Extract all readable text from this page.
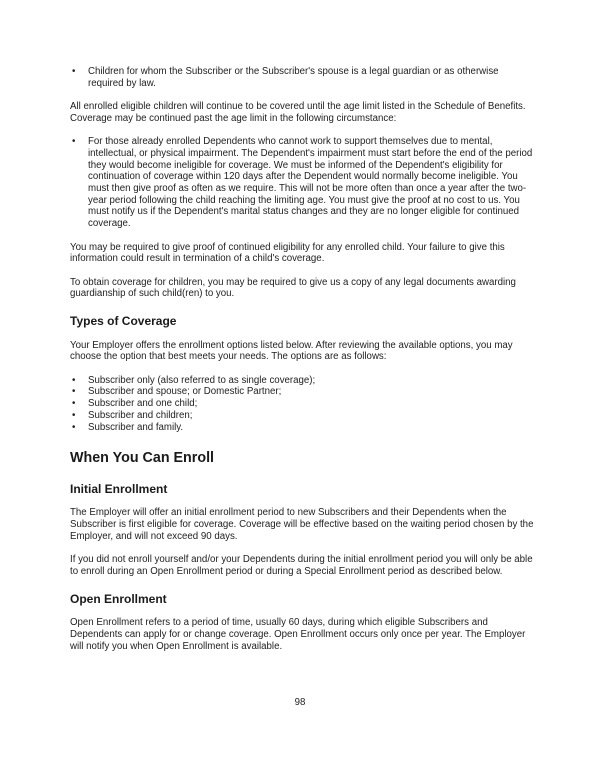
• Children for whom the Subscriber or the Subscriber's spouse is a legal guardian or as otherwise required by law.

All enrolled eligible children will continue to be covered until the age limit listed in the Schedule of Benefits. Coverage may be continued past the age limit in the following circumstance:

• For those already enrolled Dependents who cannot work to support themselves due to mental, intellectual, or physical impairment. The Dependent's impairment must start before the end of the period they would become ineligible for coverage. We must be informed of the Dependent's eligibility for continuation of coverage within 120 days after the Dependent would normally become ineligible. You must then give proof as often as we require. This will not be more often than once a year after the two-year period following the child reaching the limiting age. You must give the proof at no cost to us. You must notify us if the Dependent's marital status changes and they are no longer eligible for continued coverage.

You may be required to give proof of continued eligibility for any enrolled child. Your failure to give this information could result in termination of a child's coverage.

To obtain coverage for children, you may be required to give us a copy of any legal documents awarding guardianship of such child(ren) to you.

Types of Coverage

Your Employer offers the enrollment options listed below. After reviewing the available options, you may choose the option that best meets your needs. The options are as follows:

• Subscriber only (also referred to as single coverage);
• Subscriber and spouse; or Domestic Partner;
• Subscriber and one child;
• Subscriber and children;
• Subscriber and family.
When You Can Enroll
Initial Enrollment

The Employer will offer an initial enrollment period to new Subscribers and their Dependents when the Subscriber is first eligible for coverage. Coverage will be effective based on the waiting period chosen by the Employer, and will not exceed 90 days.

If you did not enroll yourself and/or your Dependents during the initial enrollment period you will only be able to enroll during an Open Enrollment period or during a Special Enrollment period as described below.

Open Enrollment

Open Enrollment refers to a period of time, usually 60 days, during which eligible Subscribers and Dependents can apply for or change coverage. Open Enrollment occurs only once per year. The Employer will notify you when Open Enrollment is available.

98
